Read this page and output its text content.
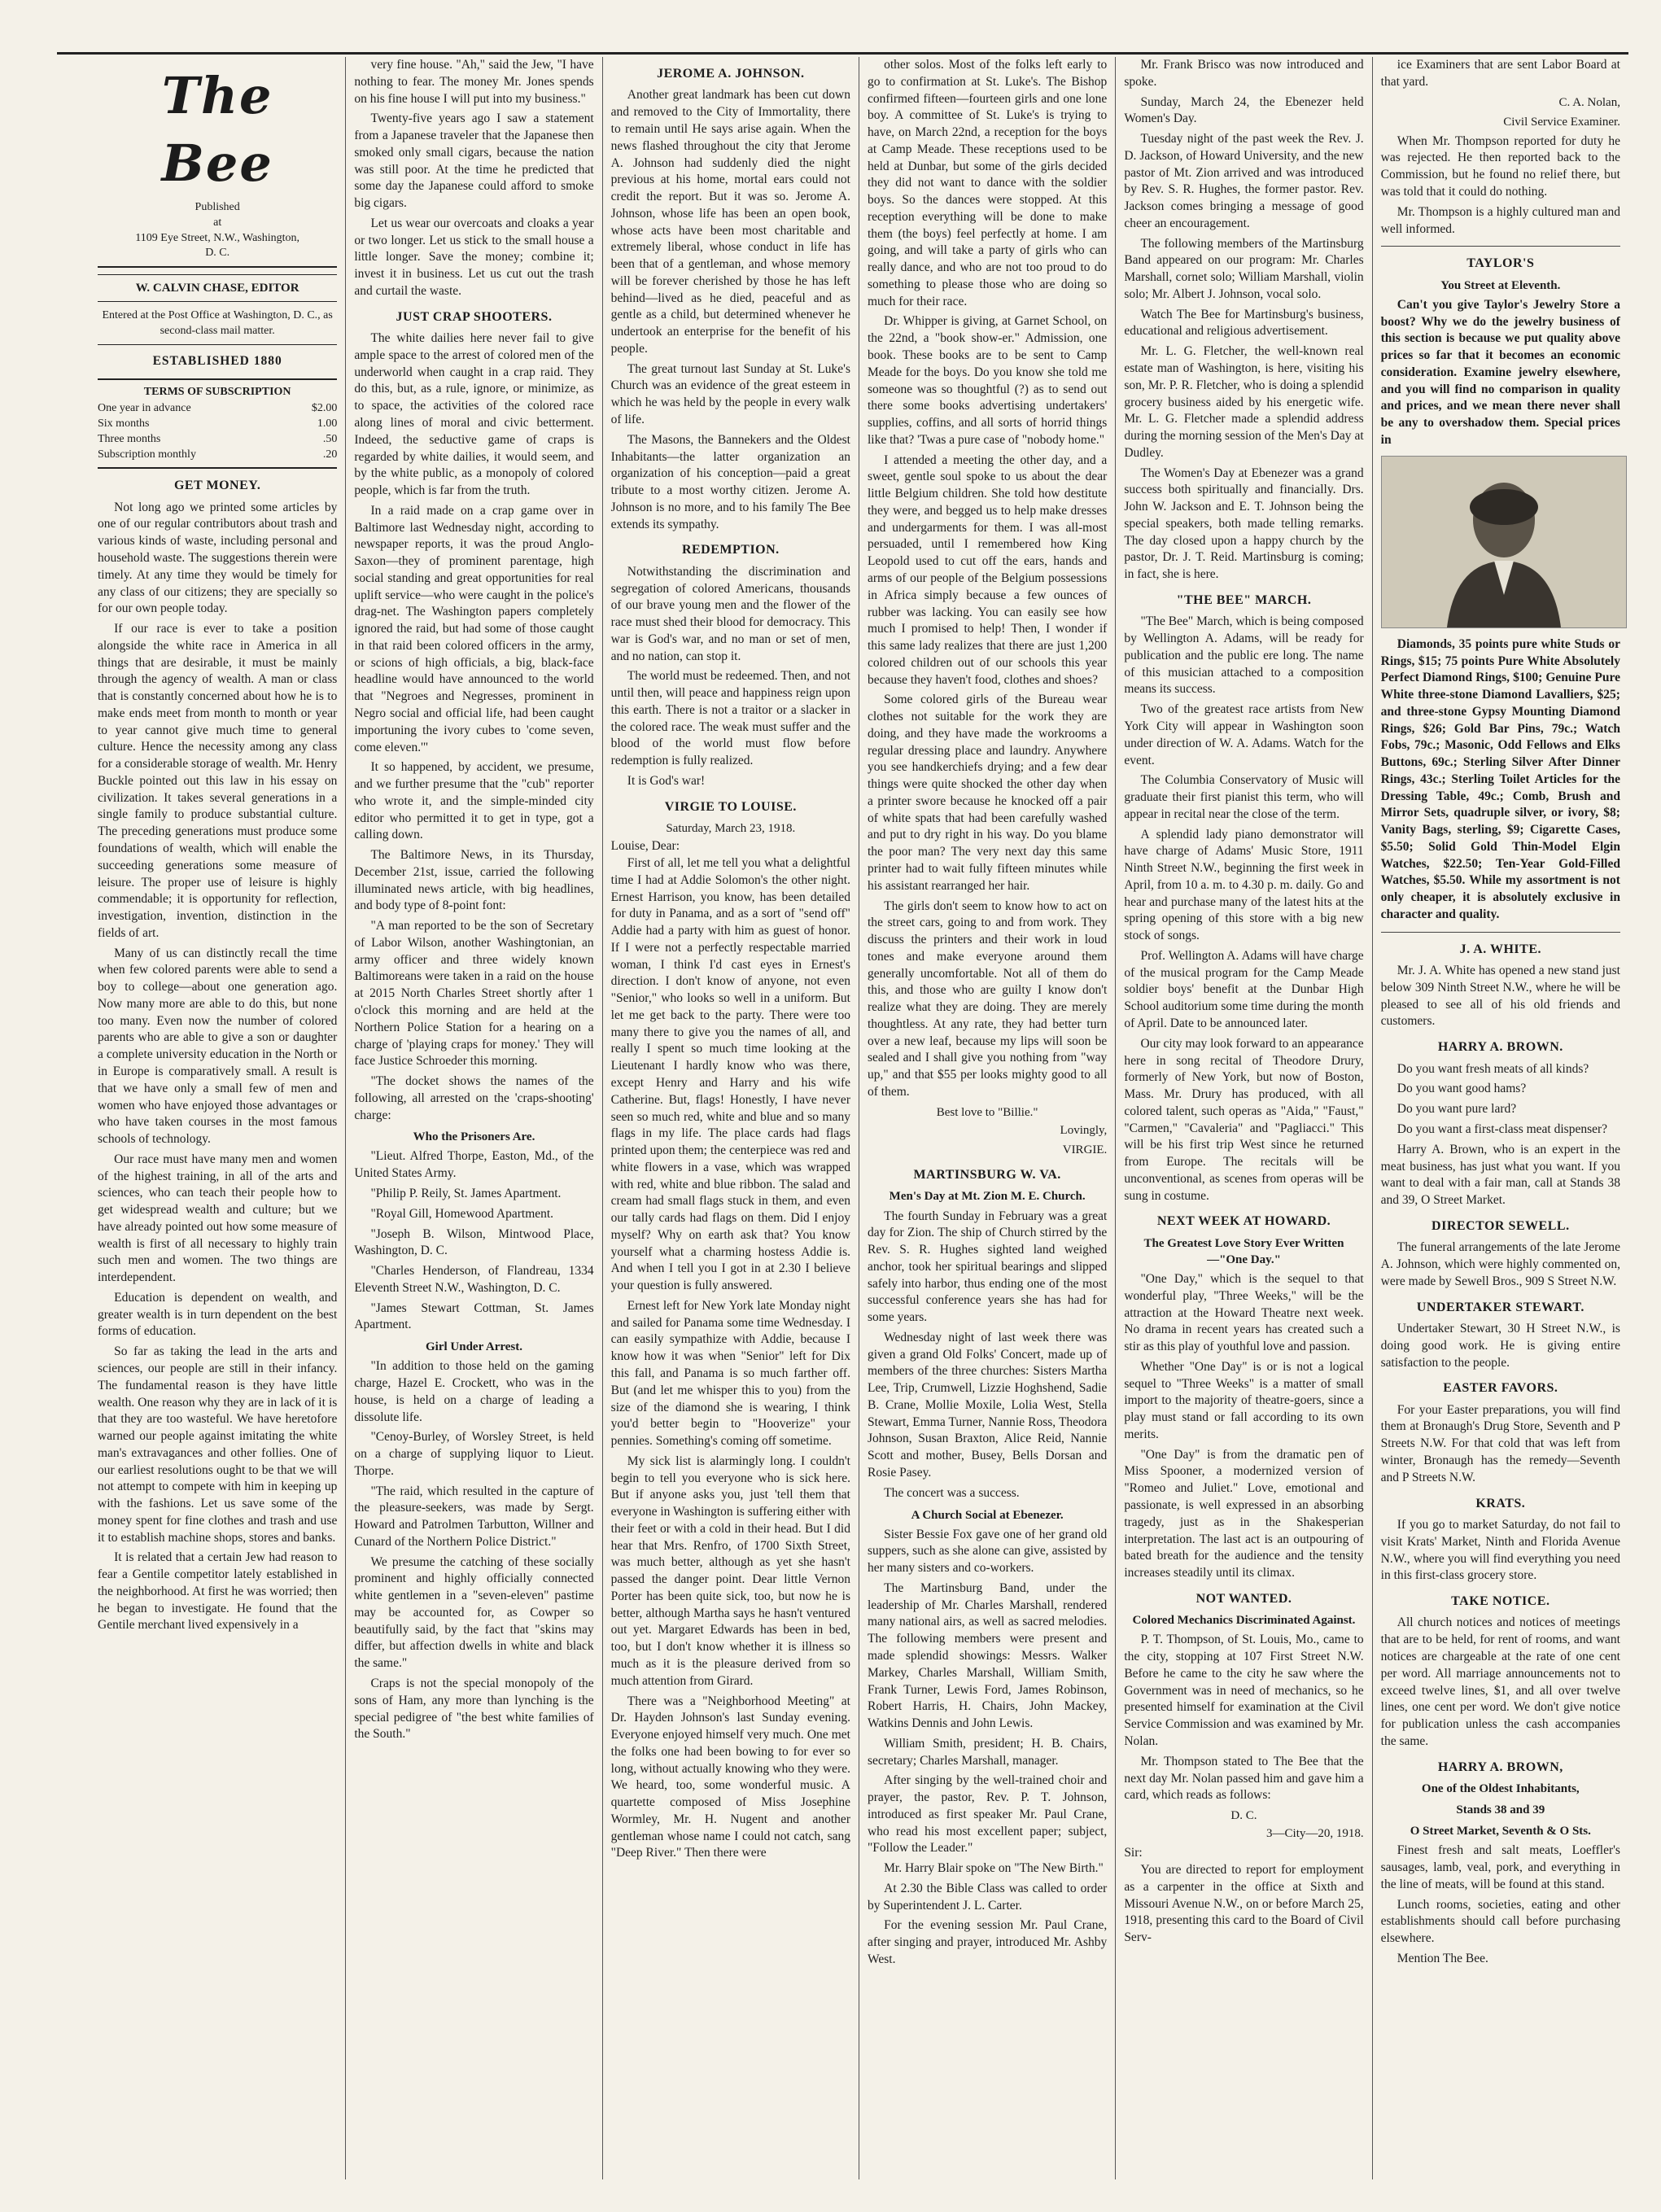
The Bee
Published
at
1109 Eye Street, N.W., Washington,
D. C.
W. CALVIN CHASE, EDITOR
Entered at the Post Office at Washington, D. C., as second-class mail matter.
ESTABLISHED 1880
TERMS OF SUBSCRIPTION
One year in advance	$2.00
Six months	1.00
Three months	.50
Subscription monthly	.20
GET MONEY.

Not long ago we printed some articles by one of our regular contributors about trash and various kinds of waste, including personal and household waste. The suggestions therein were timely. At any time they would be timely for any class of our citizens; they are specially so for our own people today.

If our race is ever to take a position alongside the white race in America in all things that are desirable, it must be mainly through the agency of wealth. A man or class that is constantly concerned about how he is to make ends meet from month to month or year to year cannot give much time to general culture. Hence the necessity among any class for a considerable storage of wealth. Mr. Henry Buckle pointed out this law in his essay on civilization. It takes several generations in a single family to produce substantial culture. The preceding generations must produce some foundations of wealth, which will enable the succeeding generations some measure of leisure. The proper use of leisure is highly commendable; it is opportunity for reflection, investigation, invention, distinction in the fields of art.

Many of us can distinctly recall the time when few colored parents were able to send a boy to college—about one generation ago. Now many more are able to do this, but none too many. Even now the number of colored parents who are able to give a son or daughter a complete university education in the North or in Europe is comparatively small. A result is that we have only a small few of men and women who have enjoyed those advantages or who have taken courses in the most famous schools of technology.

Our race must have many men and women of the highest training, in all of the arts and sciences, who can teach their people how to get widespread wealth and culture; but we have already pointed out how some measure of wealth is first of all necessary to highly train such men and women. The two things are interdependent.

Education is dependent on wealth, and greater wealth is in turn dependent on the best forms of education.

So far as taking the lead in the arts and sciences, our people are still in their infancy. The fundamental reason is they have little wealth. One reason why they are in lack of it is that they are too wasteful. We have heretofore warned our people against imitating the white man's extravagances and other follies. One of our earliest resolutions ought to be that we will not attempt to compete with him in keeping up with the fashions. Let us save some of the money spent for fine clothes and trash and use it to establish machine shops, stores and banks.

It is related that a certain Jew had reason to fear a Gentile competitor lately established in the neighborhood. At first he was worried; then he began to investigate. He found that the Gentile merchant lived expensively in a

very fine house. "Ah," said the Jew, "I have nothing to fear. The money Mr. Jones spends on his fine house I will put into my business."

Twenty-five years ago I saw a statement from a Japanese traveler that the Japanese then smoked only small cigars, because the nation was still poor. At the time he predicted that some day the Japanese could afford to smoke big cigars.

Let us wear our overcoats and cloaks a year or two longer. Let us stick to the small house a little longer. Save the money; combine it; invest it in business. Let us cut out the trash and curtail the waste.

JUST CRAP SHOOTERS.

The white dailies here never fail to give ample space to the arrest of colored men of the underworld when caught in a crap raid. They do this, but, as a rule, ignore, or minimize, as to space, the activities of the colored race along lines of moral and civic betterment. Indeed, the seductive game of craps is regarded by white dailies, it would seem, and by the white public, as a monopoly of colored people, which is far from the truth.

In a raid made on a crap game over in Baltimore last Wednesday night, according to newspaper reports, it was the proud Anglo-Saxon—they of prominent parentage, high social standing and great opportunities for real uplift service—who were caught in the police's drag-net. The Washington papers completely ignored the raid, but had some of those caught in that raid been colored officers in the army, or scions of high officials, a big, black-face headline would have announced to the world that "Negroes and Negresses, prominent in Negro social and official life, had been caught importuning the ivory cubes to 'come seven, come eleven.'"

It so happened, by accident, we presume, and we further presume that the "cub" reporter who wrote it, and the simple-minded city editor who permitted it to get in type, got a calling down.

The Baltimore News, in its Thursday, December 21st, issue, carried the following illuminated news article, with big headlines, and body type of 8-point font:

"A man reported to be the son of Secretary of Labor Wilson, another Washingtonian, an army officer and three widely known Baltimoreans were taken in a raid on the house at 2015 North Charles Street shortly after 1 o'clock this morning and are held at the Northern Police Station for a hearing on a charge of 'playing craps for money.' They will face Justice Schroeder this morning.

"The docket shows the names of the following, all arrested on the 'craps-shooting' charge:

Who the Prisoners Are.

"Lieut. Alfred Thorpe, Easton, Md., of the United States Army.

"Philip P. Reily, St. James Apartment.

"Royal Gill, Homewood Apartment.

"Joseph B. Wilson, Mintwood Place, Washington, D. C.

"Charles Henderson, of Flandreau, 1334 Eleventh Street N.W., Washington, D. C.

"James Stewart Cottman, St. James Apartment.

Girl Under Arrest.

"In addition to those held on the gaming charge, Hazel E. Crockett, who was in the house, is held on a charge of leading a dissolute life.

"Cenoy-Burley, of Worsley Street, is held on a charge of supplying liquor to Lieut. Thorpe.

"The raid, which resulted in the capture of the pleasure-seekers, was made by Sergt. Howard and Patrolmen Tarbutton, Willner and Cunard of the Northern Police District."

We presume the catching of these socially prominent and highly officially connected white gentlemen in a "seven-eleven" pastime may be accounted for, as Cowper so beautifully said, by the fact that "skins may differ, but affection dwells in white and black the same."

Craps is not the special monopoly of the sons of Ham, any more than lynching is the special pedigree of "the best white families of the South."

JEROME A. JOHNSON.

Another great landmark has been cut down and removed to the City of Immortality, there to remain until He says arise again. When the news flashed throughout the city that Jerome A. Johnson had suddenly died the night previous at his home, mortal ears could not credit the report. But it was so. Jerome A. Johnson, whose life has been an open book, whose acts have been most charitable and extremely liberal, whose conduct in life has been that of a gentleman, and whose memory will be forever cherished by those he has left behind—lived as he died, peaceful and as gentle as a child, but determined whenever he undertook an enterprise for the benefit of his people.

The great turnout last Sunday at St. Luke's Church was an evidence of the great esteem in which he was held by the people in every walk of life.

The Masons, the Bannekers and the Oldest Inhabitants—the latter organization an organization of his conception—paid a great tribute to a most worthy citizen. Jerome A. Johnson is no more, and to his family The Bee extends its sympathy.

REDEMPTION.

Notwithstanding the discrimination and segregation of colored Americans, thousands of our brave young men and the flower of the race must shed their blood for democracy. This war is God's war, and no man or set of men, and no nation, can stop it.

The world must be redeemed. Then, and not until then, will peace and happiness reign upon this earth. There is not a traitor or a slacker in the colored race. The weak must suffer and the blood of the world must flow before redemption is fully realized.

It is God's war!

VIRGIE TO LOUISE.
Saturday, March 23, 1918.
Louise, Dear:

First of all, let me tell you what a delightful time I had at Addie Solomon's the other night. Ernest Harrison, you know, has been detailed for duty in Panama, and as a sort of "send off" Addie had a party with him as guest of honor. If I were not a perfectly respectable married woman, I think I'd cast eyes in Ernest's direction. I don't know of anyone, not even "Senior," who looks so well in a uniform. But let me get back to the party. There were too many there to give you the names of all, and really I spent so much time looking at the Lieutenant I hardly know who was there, except Henry and Harry and his wife Catherine. But, flags! Honestly, I have never seen so much red, white and blue and so many flags in my life. The place cards had flags printed upon them; the centerpiece was red and white flowers in a vase, which was wrapped with red, white and blue ribbon. The salad and cream had small flags stuck in them, and even our tally cards had flags on them. Did I enjoy myself? Why on earth ask that? You know yourself what a charming hostess Addie is. And when I tell you I got in at 2.30 I believe your question is fully answered.

Ernest left for New York late Monday night and sailed for Panama some time Wednesday. I can easily sympathize with Addie, because I know how it was when "Senior" left for Dix this fall, and Panama is so much farther off. But (and let me whisper this to you) from the size of the diamond she is wearing, I think you'd better begin to "Hooverize" your pennies. Something's coming off sometime.

My sick list is alarmingly long. I couldn't begin to tell you everyone who is sick here. But if anyone asks you, just 'tell them that everyone in Washington is suffering either with their feet or with a cold in their head. But I did hear that Mrs. Renfro, of 1700 Sixth Street, was much better, although as yet she hasn't passed the danger point. Dear little Vernon Porter has been quite sick, too, but now he is better, although Martha says he hasn't ventured out yet. Margaret Edwards has been in bed, too, but I don't know whether it is illness so much as it is the pleasure derived from so much attention from Girard.

There was a "Neighborhood Meeting" at Dr. Hayden Johnson's last Sunday evening. Everyone enjoyed himself very much. One met the folks one had been bowing to for ever so long, without actually knowing who they were. We heard, too, some wonderful music. A quartette composed of Miss Josephine Wormley, Mr. H. Nugent and another gentleman whose name I could not catch, sang "Deep River." Then there were

other solos. Most of the folks left early to go to confirmation at St. Luke's. The Bishop confirmed fifteen—fourteen girls and one lone boy. A committee of St. Luke's is trying to have, on March 22nd, a reception for the boys at Camp Meade. These receptions used to be held at Dunbar, but some of the girls decided they did not want to dance with the soldier boys. So the dances were stopped. At this reception everything will be done to make them (the boys) feel perfectly at home. I am going, and will take a party of girls who can really dance, and who are not too proud to do something to please those who are doing so much for their race.

Dr. Whipper is giving, at Garnet School, on the 22nd, a "book show-er." Admission, one book. These books are to be sent to Camp Meade for the boys. Do you know she told me someone was so thoughtful (?) as to send out there some books advertising undertakers' supplies, coffins, and all sorts of horrid things like that? 'Twas a pure case of "nobody home."

I attended a meeting the other day, and a sweet, gentle soul spoke to us about the dear little Belgium children. She told how destitute they were, and begged us to help make dresses and undergarments for them. I was all-most persuaded, until I remembered how King Leopold used to cut off the ears, hands and arms of our people of the Belgium possessions in Africa simply because a few ounces of rubber was lacking. You can easily see how much I promised to help! Then, I wonder if this same lady realizes that there are just 1,200 colored children out of our schools this year because they haven't food, clothes and shoes?

Some colored girls of the Bureau wear clothes not suitable for the work they are doing, and they have made the workrooms a regular dressing place and laundry. Anywhere you see handkerchiefs drying; and a few dear things were quite shocked the other day when a printer swore because he knocked off a pair of white spats that had been carefully washed and put to dry right in his way. Do you blame the poor man? The very next day this same printer had to wait fully fifteen minutes while his assistant rearranged her hair.

The girls don't seem to know how to act on the street cars, going to and from work. They discuss the printers and their work in loud tones and make everyone around them generally uncomfortable. Not all of them do this, and those who are guilty I know don't realize what they are doing. They are merely thoughtless. At any rate, they had better turn over a new leaf, because my lips will soon be sealed and I shall give you nothing from "way up," and that $55 per looks mighty good to all of them.

Best love to "Billie."
Lovingly,
VIRGIE.
MARTINSBURG W. VA.
Men's Day at Mt. Zion M. E. Church.

The fourth Sunday in February was a great day for Zion. The ship of Church stirred by the Rev. S. R. Hughes sighted land weighed anchor, took her spiritual bearings and slipped safely into harbor, thus ending one of the most successful conference years she has had for some years.

Wednesday night of last week there was given a grand Old Folks' Concert, made up of members of the three churches: Sisters Martha Lee, Trip, Crumwell, Lizzie Hoghshend, Sadie B. Crane, Mollie Moxile, Lolia West, Stella Stewart, Emma Turner, Nannie Ross, Theodora Johnson, Susan Braxton, Alice Reid, Nannie Scott and mother, Busey, Bells Dorsan and Rosie Pasey.

The concert was a success.

A Church Social at Ebenezer.

Sister Bessie Fox gave one of her grand old suppers, such as she alone can give, assisted by her many sisters and co-workers.

The Martinsburg Band, under the leadership of Mr. Charles Marshall, rendered many national airs, as well as sacred melodies. The following members were present and made splendid showings: Messrs. Walker Markey, Charles Marshall, William Smith, Frank Turner, Lewis Ford, James Robinson, Robert Harris, H. Chairs, John Mackey, Watkins Dennis and John Lewis.

William Smith, president; H. B. Chairs, secretary; Charles Marshall, manager.

After singing by the well-trained choir and prayer, the pastor, Rev. P. T. Johnson, introduced as first speaker Mr. Paul Crane, who read his most excellent paper; subject, "Follow the Leader."

Mr. Harry Blair spoke on "The New Birth."

At 2.30 the Bible Class was called to order by Superintendent J. L. Carter.

For the evening session Mr. Paul Crane, after singing and prayer, introduced Mr. Ashby West.

Mr. Frank Brisco was now introduced and spoke.

Sunday, March 24, the Ebenezer held Women's Day.

Tuesday night of the past week the Rev. J. D. Jackson, of Howard University, and the new pastor of Mt. Zion arrived and was introduced by Rev. S. R. Hughes, the former pastor. Rev. Jackson comes bringing a message of good cheer an encouragement.

The following members of the Martinsburg Band appeared on our program: Mr. Charles Marshall, cornet solo; William Marshall, violin solo; Mr. Albert J. Johnson, vocal solo.

Watch The Bee for Martinsburg's business, educational and religious advertisement.

Mr. L. G. Fletcher, the well-known real estate man of Washington, is here, visiting his son, Mr. P. R. Fletcher, who is doing a splendid grocery business aided by his energetic wife. Mr. L. G. Fletcher made a splendid address during the morning session of the Men's Day at Dudley.

The Women's Day at Ebenezer was a grand success both spiritually and financially. Drs. John W. Jackson and E. T. Johnson being the special speakers, both made telling remarks. The day closed upon a happy church by the pastor, Dr. J. T. Reid. Martinsburg is coming; in fact, she is here.

"THE BEE" MARCH.

"The Bee" March, which is being composed by Wellington A. Adams, will be ready for publication and the public ere long. The name of this musician attached to a composition means its success.

Two of the greatest race artists from New York City will appear in Washington soon under direction of W. A. Adams. Watch for the event.

The Columbia Conservatory of Music will graduate their first pianist this term, who will appear in recital near the close of the term.

A splendid lady piano demonstrator will have charge of Adams' Music Store, 1911 Ninth Street N.W., beginning the first week in April, from 10 a. m. to 4.30 p. m. daily. Go and hear and purchase many of the latest hits at the spring opening of this store with a big new stock of songs.

Prof. Wellington A. Adams will have charge of the musical program for the Camp Meade soldier boys' benefit at the Dunbar High School auditorium some time during the month of April. Date to be announced later.

Our city may look forward to an appearance here in song recital of Theodore Drury, formerly of New York, but now of Boston, Mass. Mr. Drury has produced, with all colored talent, such operas as "Aida," "Faust," "Carmen," "Cavaleria" and "Pagliacci." This will be his first trip West since he returned from Europe. The recitals will be unconventional, as scenes from operas will be sung in costume.

NEXT WEEK AT HOWARD.
The Greatest Love Story Ever Written—"One Day."

"One Day," which is the sequel to that wonderful play, "Three Weeks," will be the attraction at the Howard Theatre next week. No drama in recent years has created such a stir as this play of youthful love and passion.

Whether "One Day" is or is not a logical sequel to "Three Weeks" is a matter of small import to the majority of theatre-goers, since a play must stand or fall according to its own merits.

"One Day" is from the dramatic pen of Miss Spooner, a modernized version of "Romeo and Juliet." Love, emotional and passionate, is well expressed in an absorbing tragedy, just as in the Shakesperian interpretation. The last act is an outpouring of bated breath for the audience and the tensity increases steadily until its climax.

NOT WANTED.
Colored Mechanics Discriminated Against.

P. T. Thompson, of St. Louis, Mo., came to the city, stopping at 107 First Street N.W. Before he came to the city he saw where the Government was in need of mechanics, so he presented himself for examination at the Civil Service Commission and was examined by Mr. Nolan.

Mr. Thompson stated to The Bee that the next day Mr. Nolan passed him and gave him a card, which reads as follows:

D. C.
3—City—20, 1918.
Sir:

You are directed to report for employment as a carpenter in the office at Sixth and Missouri Avenue N.W., on or before March 25, 1918, presenting this card to the Board of Civil Serv-

ice Examiners that are sent Labor Board at that yard.

C. A. Nolan,
Civil Service Examiner.

When Mr. Thompson reported for duty he was rejected. He then reported back to the Commission, but he found no relief there, but was told that it could do nothing.

Mr. Thompson is a highly cultured man and well informed.

TAYLOR'S
You Street at Eleventh.

Can't you give Taylor's Jewelry Store a boost? Why we do the jewelry business of this section is because we put quality above prices so far that it becomes an economic consideration. Examine jewelry elsewhere, and you will find no comparison in quality and prices, and we mean there never shall be any to overshadow them. Special prices in

Diamonds, 35 points pure white Studs or Rings, $15; 75 points Pure White Absolutely Perfect Diamond Rings, $100; Genuine Pure White three-stone Diamond Lavalliers, $25; and three-stone Gypsy Mounting Diamond Rings, $26; Gold Bar Pins, 79c.; Watch Fobs, 79c.; Masonic, Odd Fellows and Elks Buttons, 69c.; Sterling Silver After Dinner Rings, 43c.; Sterling Toilet Articles for the Dressing Table, 49c.; Comb, Brush and Mirror Sets, quadruple silver, or ivory, $8; Vanity Bags, sterling, $9; Cigarette Cases, $5.50; Solid Gold Thin-Model Elgin Watches, $22.50; Ten-Year Gold-Filled Watches, $5.50. While my assortment is not only cheaper, it is absolutely exclusive in character and quality.

J. A. WHITE.

Mr. J. A. White has opened a new stand just below 309 Ninth Street N.W., where he will be pleased to see all of his old friends and customers.

HARRY A. BROWN.

Do you want fresh meats of all kinds?

Do you want good hams?

Do you want pure lard?

Do you want a first-class meat dispenser?

Harry A. Brown, who is an expert in the meat business, has just what you want. If you want to deal with a fair man, call at Stands 38 and 39, O Street Market.

DIRECTOR SEWELL.

The funeral arrangements of the late Jerome A. Johnson, which were highly commented on, were made by Sewell Bros., 909 S Street N.W.

UNDERTAKER STEWART.

Undertaker Stewart, 30 H Street N.W., is doing good work. He is giving entire satisfaction to the people.

EASTER FAVORS.

For your Easter preparations, you will find them at Bronaugh's Drug Store, Seventh and P Streets N.W. For that cold that was left from winter, Bronaugh has the remedy—Seventh and P Streets N.W.

KRATS.

If you go to market Saturday, do not fail to visit Krats' Market, Ninth and Florida Avenue N.W., where you will find everything you need in this first-class grocery store.

TAKE NOTICE.

All church notices and notices of meetings that are to be held, for rent of rooms, and want notices are chargeable at the rate of one cent per word. All marriage announcements not to exceed twelve lines, $1, and all over twelve lines, one cent per word. We don't give notice for publication unless the cash accompanies the same.

HARRY A. BROWN,
One of the Oldest Inhabitants,
Stands 38 and 39
O Street Market, Seventh & O Sts.

Finest fresh and salt meats, Loeffler's sausages, lamb, veal, pork, and everything in the line of meats, will be found at this stand.

Lunch rooms, societies, eating and other establishments should call before purchasing elsewhere.

Mention The Bee.
